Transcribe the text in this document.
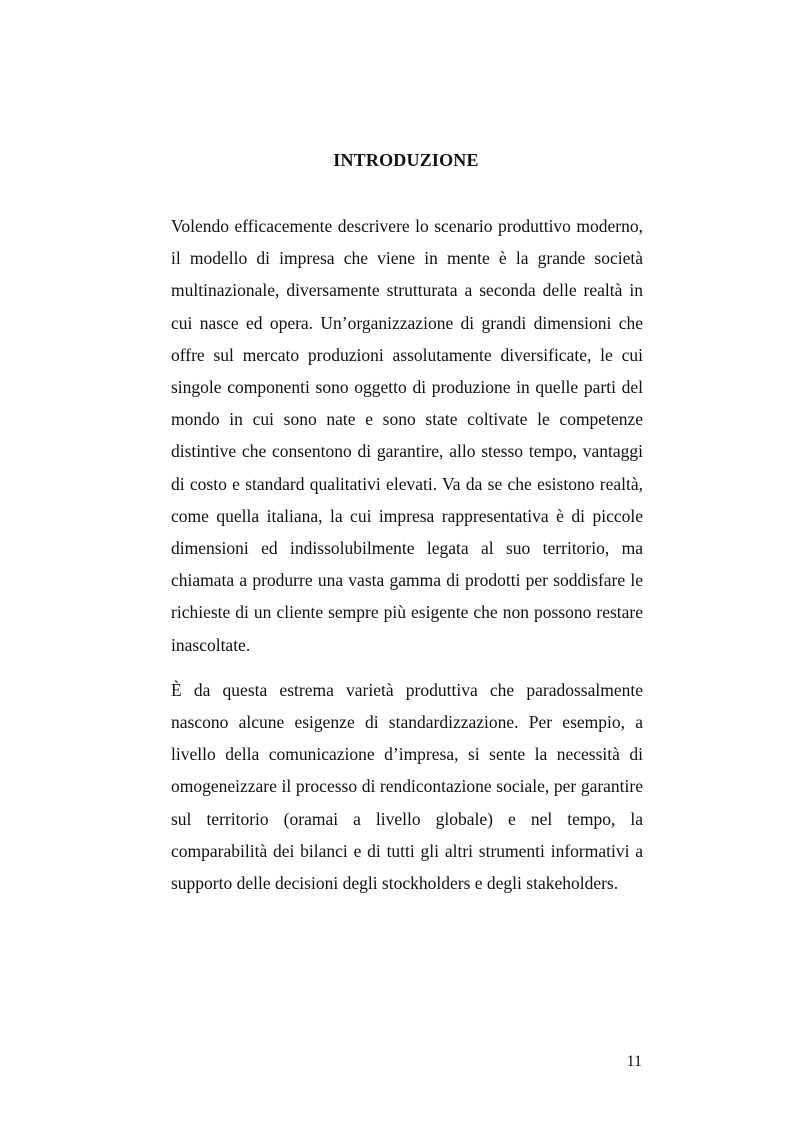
INTRODUZIONE

Volendo efficacemente descrivere lo scenario produttivo moderno, il modello di impresa che viene in mente è la grande società multinazionale, diversamente strutturata a seconda delle realtà in cui nasce ed opera. Un’organizzazione di grandi dimensioni che offre sul mercato produzioni assolutamente diversificate, le cui singole componenti sono oggetto di produzione in quelle parti del mondo in cui sono nate e sono state coltivate le competenze distintive che consentono di garantire, allo stesso tempo, vantaggi di costo e standard qualitativi elevati. Va da se che esistono realtà, come quella italiana, la cui impresa rappresentativa è di piccole dimensioni ed indissolubilmente legata al suo territorio, ma chiamata a produrre una vasta gamma di prodotti per soddisfare le richieste di un cliente sempre più esigente che non possono restare inascoltate.

È da questa estrema varietà produttiva che paradossalmente nascono alcune esigenze di standardizzazione. Per esempio, a livello della comunicazione d’impresa, si sente la necessità di omogeneizzare il processo di rendicontazione sociale, per garantire sul territorio (oramai a livello globale) e nel tempo, la comparabilità dei bilanci e di tutti gli altri strumenti informativi a supporto delle decisioni degli stockholders e degli stakeholders.

11
